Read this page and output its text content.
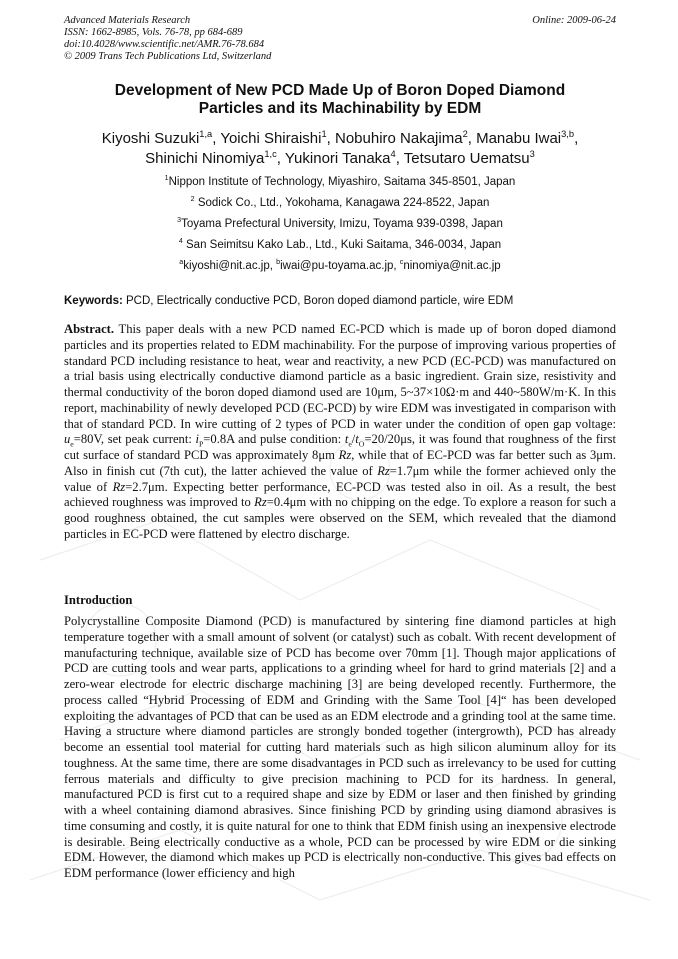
Advanced Materials Research
ISSN: 1662-8985, Vols. 76-78, pp 684-689
doi:10.4028/www.scientific.net/AMR.76-78.684
© 2009 Trans Tech Publications Ltd, Switzerland
Online: 2009-06-24
Development of New PCD Made Up of Boron Doped Diamond
Particles and its Machinability by EDM
Kiyoshi Suzuki$^{1,a}$, Yoichi Shiraishi$^1$, Nobuhiro Nakajima$^2$, Manabu Iwai$^{3,b}$,
Shinichi Ninomiya$^{1,c}$, Yukinori Tanaka$^4$, Tetsutaro Uematsu$^3$
$^1$Nippon Institute of Technology, Miyashiro, Saitama 345-8501, Japan
$^2$ Sodick Co., Ltd., Yokohama, Kanagawa 224-8522, Japan
$^3$Toyama Prefectural University, Imizu, Toyama 939-0398, Japan
$^4$ San Seimitsu Kako Lab., Ltd., Kuki Saitama, 346-0034, Japan
$^a$kiyoshi@nit.ac.jp, $^b$iwai@pu-toyama.ac.jp, $^c$ninomiya@nit.ac.jp
Keywords: PCD, Electrically conductive PCD, Boron doped diamond particle, wire EDM

Abstract. This paper deals with a new PCD named EC-PCD which is made up of boron doped diamond particles and its properties related to EDM machinability. For the purpose of improving various properties of standard PCD including resistance to heat, wear and reactivity, a new PCD (EC-PCD) was manufactured on a trial basis using electrically conductive diamond particle as a basic ingredient. Grain size, resistivity and thermal conductivity of the boron doped diamond used are 10μm, 5~37×10Ω·m and 440~580W/m·K. In this report, machinability of newly developed PCD (EC-PCD) by wire EDM was investigated in comparison with that of standard PCD. In wire cutting of 2 types of PCD in water under the condition of open gap voltage: $u_e=80V$, set peak current: $i_P=0.8A$ and pulse condition: $t_e/t_O=20/20\mu s$, it was found that roughness of the first cut surface of standard PCD was approximately 8μm Rz, while that of EC-PCD was far better such as 3μm. Also in finish cut (7th cut), the latter achieved the value of Rz=1.7μm while the former achieved only the value of Rz=2.7μm. Expecting better performance, EC-PCD was tested also in oil. As a result, the best achieved roughness was improved to Rz=0.4μm with no chipping on the edge. To explore a reason for such a good roughness obtained, the cut samples were observed on the SEM, which revealed that the diamond particles in EC-PCD were flattened by electro discharge.

Introduction

Polycrystalline Composite Diamond (PCD) is manufactured by sintering fine diamond particles at high temperature together with a small amount of solvent (or catalyst) such as cobalt. With recent development of manufacturing technique, available size of PCD has become over 70mm [1]. Though major applications of PCD are cutting tools and wear parts, applications to a grinding wheel for hard to grind materials [2] and a zero-wear electrode for electric discharge machining [3] are being developed recently. Furthermore, the process called “Hybrid Processing of EDM and Grinding with the Same Tool [4]“ has been developed exploiting the advantages of PCD that can be used as an EDM electrode and a grinding tool at the same time. Having a structure where diamond particles are strongly bonded together (intergrowth), PCD has already become an essential tool material for cutting hard materials such as high silicon aluminum alloy for its toughness. At the same time, there are some disadvantages in PCD such as irrelevancy to be used for cutting ferrous materials and difficulty to give precision machining to PCD for its hardness. In general, manufactured PCD is first cut to a required shape and size by EDM or laser and then finished by grinding with a wheel containing diamond abrasives. Since finishing PCD by grinding using diamond abrasives is time consuming and costly, it is quite natural for one to think that EDM finish using an inexpensive electrode is desirable. Being electrically conductive as a whole, PCD can be processed by wire EDM or die sinking EDM. However, the diamond which makes up PCD is electrically non-conductive. This gives bad effects on EDM performance (lower efficiency and high
